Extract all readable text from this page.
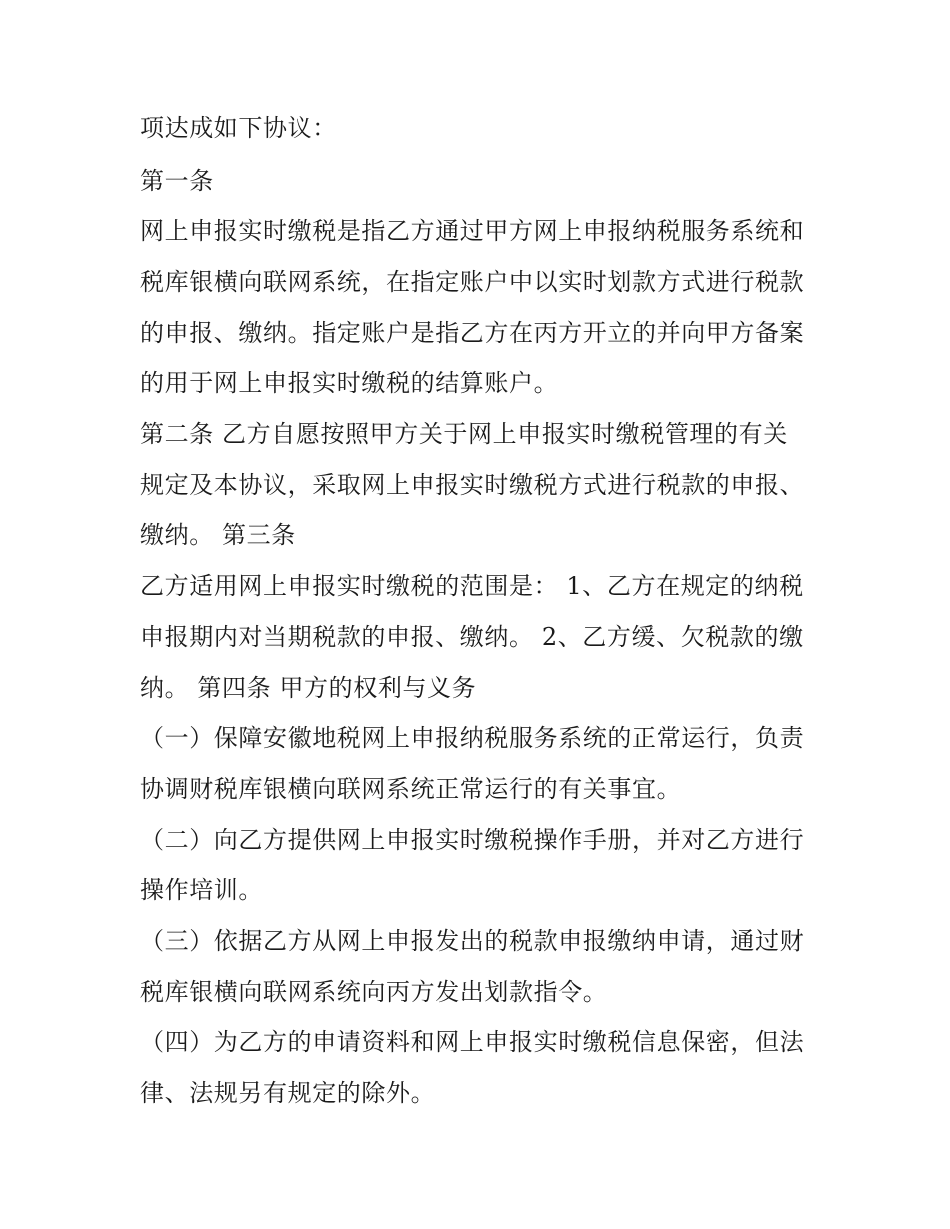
项达成如下协议：

第一条

网上申报实时缴税是指乙方通过甲方网上申报纳税服务系统和

税库银横向联网系统，在指定账户中以实时划款方式进行税款

的申报、缴纳。指定账户是指乙方在丙方开立的并向甲方备案

的用于网上申报实时缴税的结算账户。

第二条 乙方自愿按照甲方关于网上申报实时缴税管理的有关

规定及本协议，采取网上申报实时缴税方式进行税款的申报、

缴纳。 第三条

乙方适用网上申报实时缴税的范围是： 1、乙方在规定的纳税

申报期内对当期税款的申报、缴纳。 2、乙方缓、欠税款的缴

纳。 第四条 甲方的权利与义务

（一）保障安徽地税网上申报纳税服务系统的正常运行，负责

协调财税库银横向联网系统正常运行的有关事宜。

（二）向乙方提供网上申报实时缴税操作手册，并对乙方进行

操作培训。

（三）依据乙方从网上申报发出的税款申报缴纳申请，通过财

税库银横向联网系统向丙方发出划款指令。

（四）为乙方的申请资料和网上申报实时缴税信息保密，但法

律、法规另有规定的除外。
